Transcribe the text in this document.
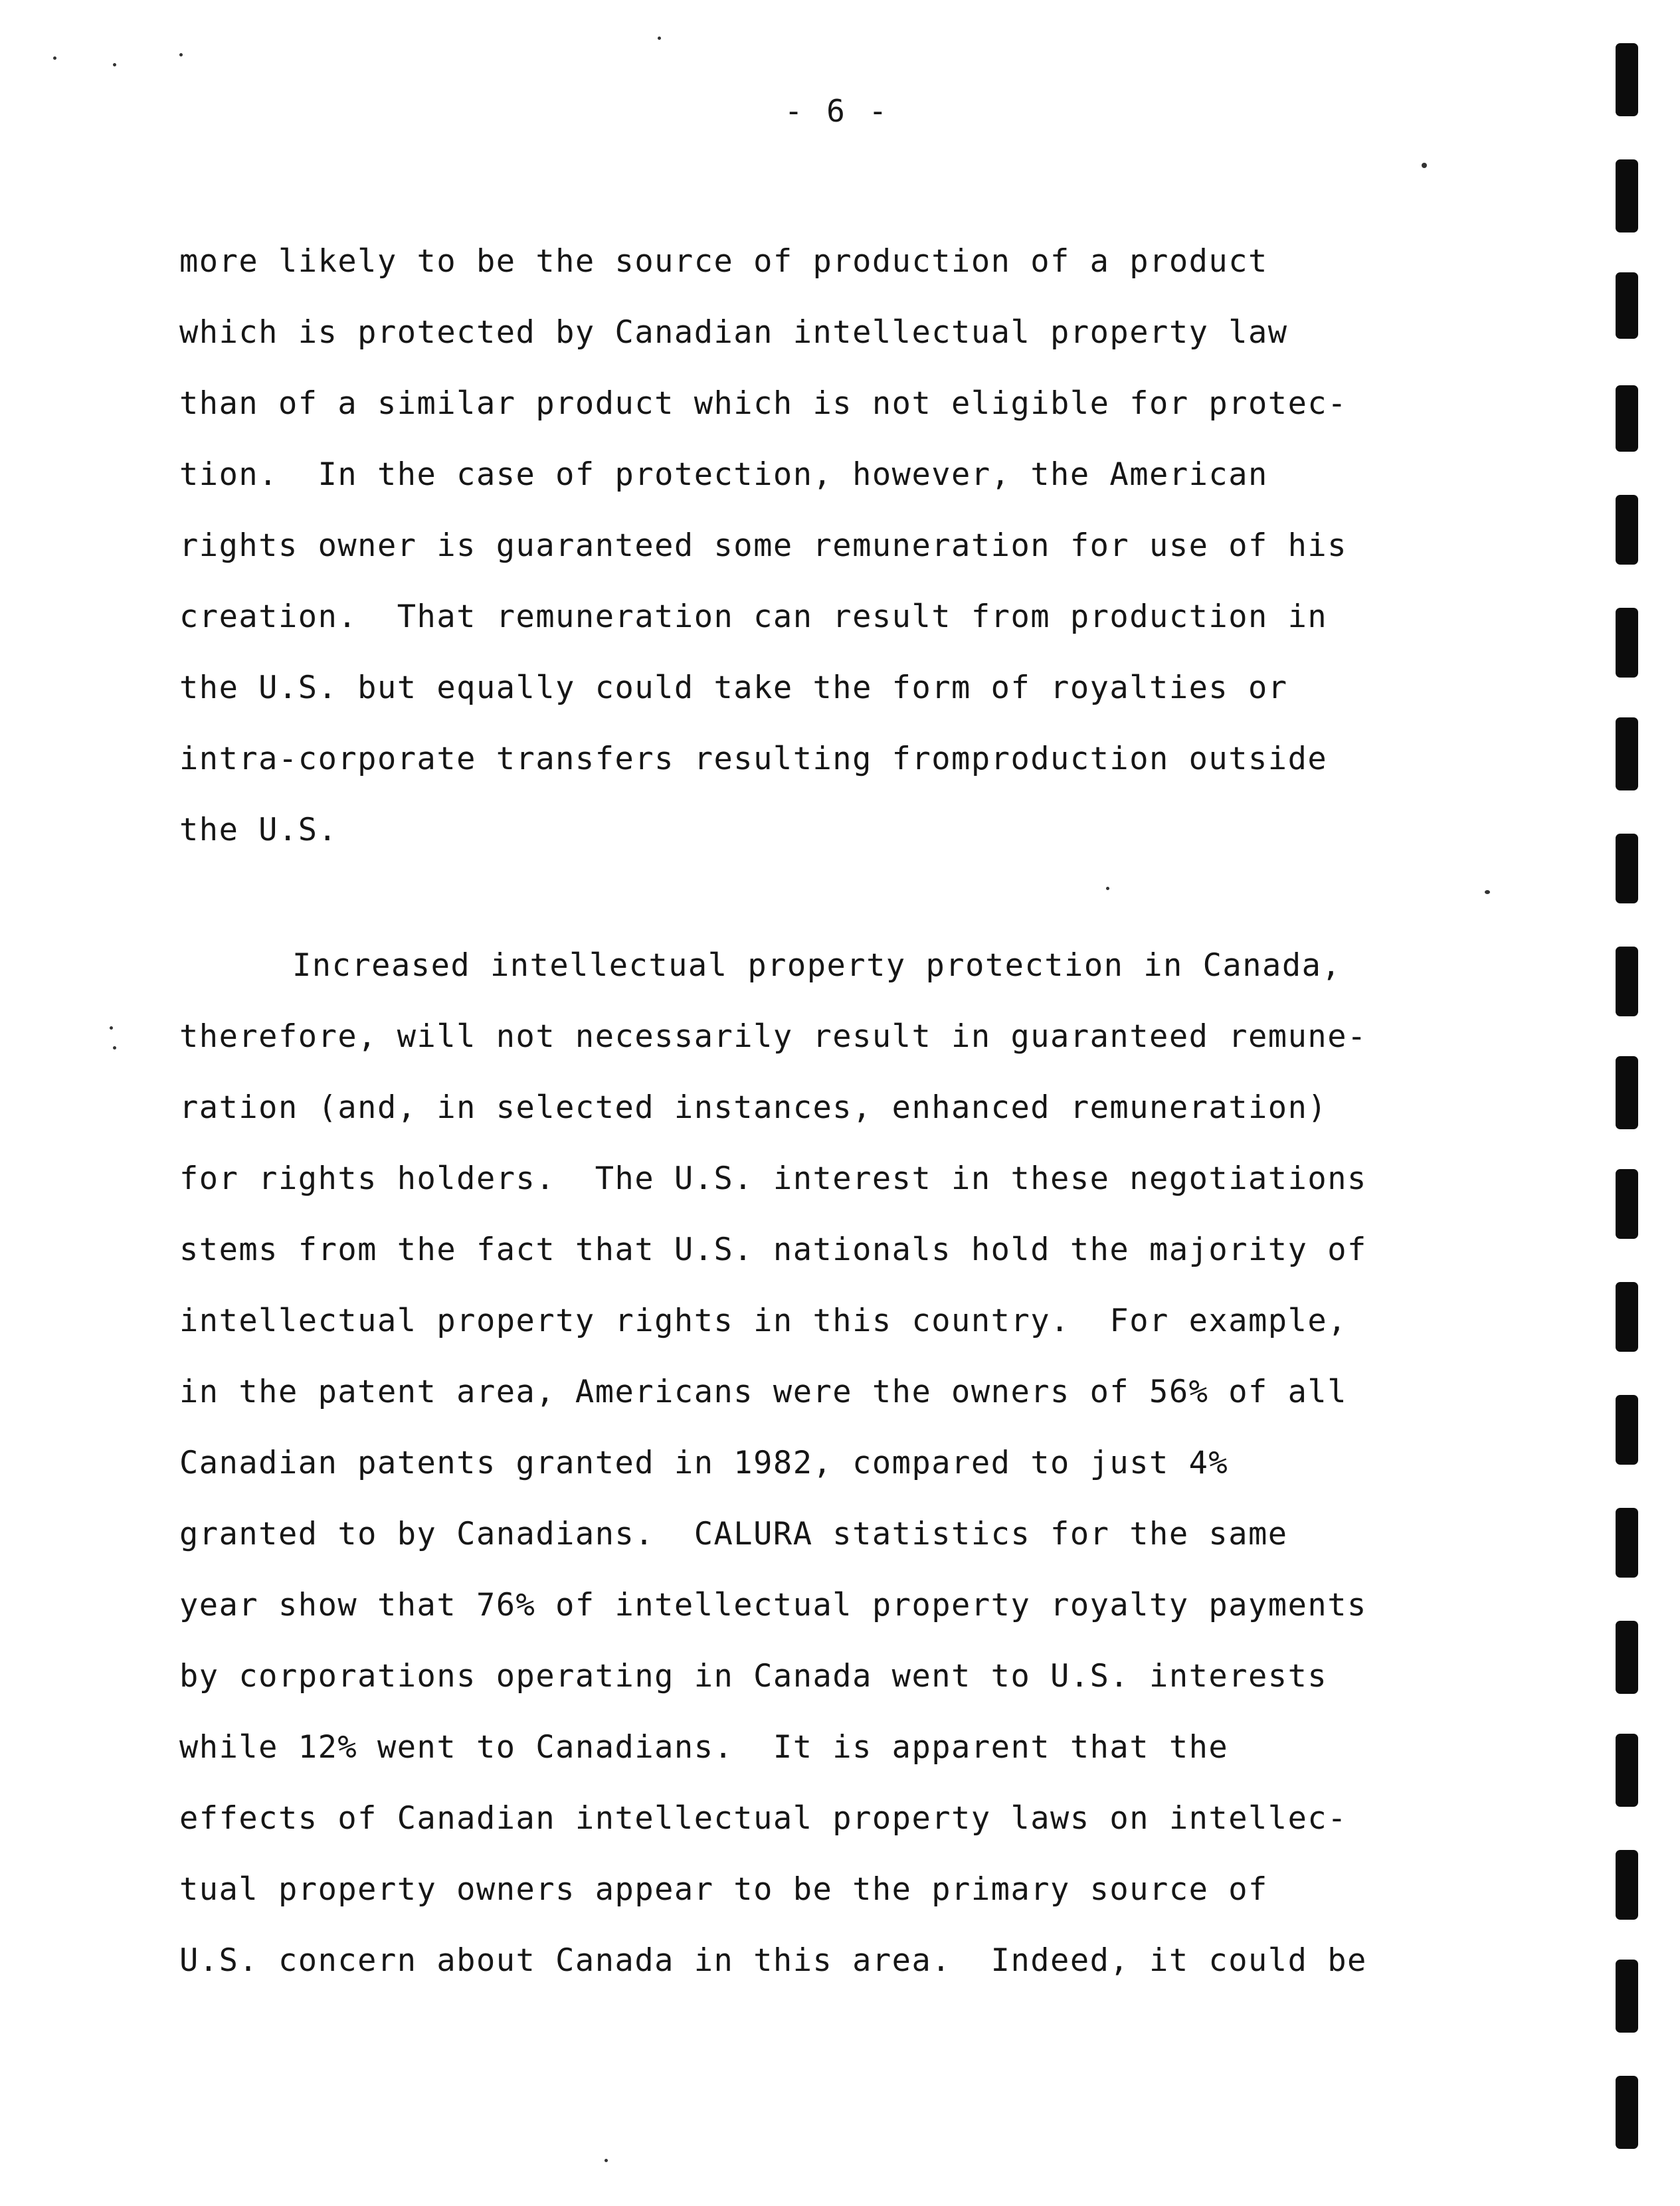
- 6 -
more likely to be the source of production of a product
which is protected by Canadian intellectual property law
than of a similar product which is not eligible for protec-
tion.  In the case of protection, however, the American
rights owner is guaranteed some remuneration for use of his
creation.  That remuneration can result from production in
the U.S. but equally could take the form of royalties or
intra-corporate transfers resulting fromproduction outside
the U.S.
Increased intellectual property protection in Canada,
therefore, will not necessarily result in guaranteed remune-
ration (and, in selected instances, enhanced remuneration)
for rights holders.  The U.S. interest in these negotiations
stems from the fact that U.S. nationals hold the majority of
intellectual property rights in this country.  For example,
in the patent area, Americans were the owners of 56% of all
Canadian patents granted in 1982, compared to just 4%
granted to by Canadians.  CALURA statistics for the same
year show that 76% of intellectual property royalty payments
by corporations operating in Canada went to U.S. interests
while 12% went to Canadians.  It is apparent that the
effects of Canadian intellectual property laws on intellec-
tual property owners appear to be the primary source of
U.S. concern about Canada in this area.  Indeed, it could be
